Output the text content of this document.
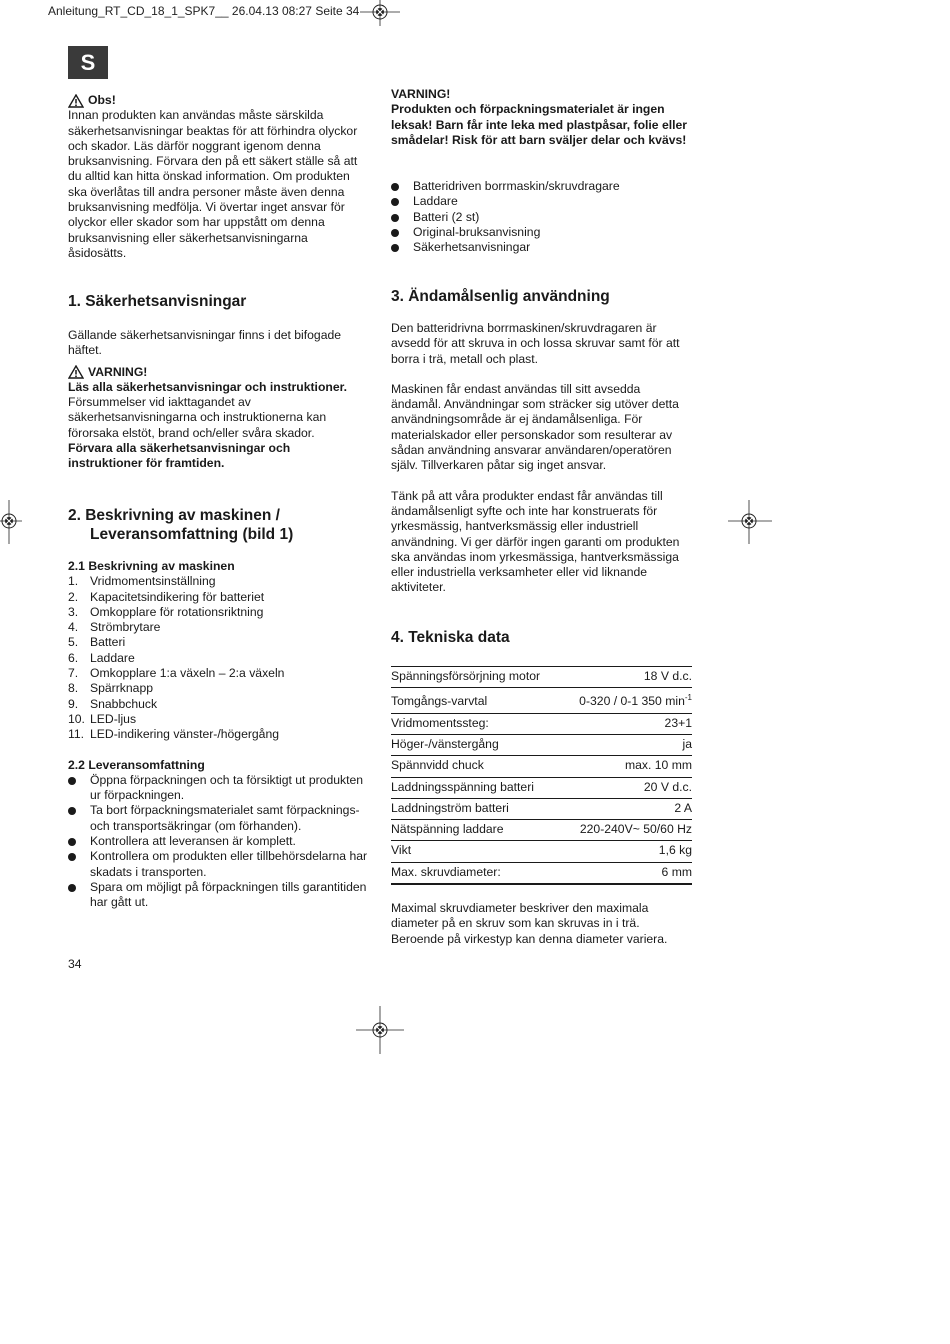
Anleitung_RT_CD_18_1_SPK7__ 26.04.13 08:27 Seite 34
S
Obs!

Innan produkten kan användas måste särskilda säkerhetsanvisningar beaktas för att förhindra olyckor och skador. Läs därför noggrant igenom denna bruksanvisning. Förvara den på ett säkert ställe så att du alltid kan hitta önskad information. Om produkten ska överlåtas till andra personer måste även denna bruksanvisning medfölja. Vi övertar inget ansvar för olyckor eller skador som har uppstått om denna bruksanvisning eller säkerhetsanvisningarna åsidosätts.

1. Säkerhetsanvisningar

Gällande säkerhetsanvisningar finns i det bifogade häftet.

VARNING!

Läs alla säkerhetsanvisningar och instruktioner.

Försummelser vid iakttagandet av säkerhetsanvisningarna och instruktionerna kan förorsaka elstöt, brand och/eller svåra skador.

Förvara alla säkerhetsanvisningar och instruktioner för framtiden.

2. Beskrivning av maskinen /
Leveransomfattning (bild 1)

2.1 Beskrivning av maskinen

1. Vridmomentsinställning
2. Kapacitetsindikering för batteriet
3. Omkopplare för rotationsriktning
4. Strömbrytare
5. Batteri
6. Laddare
7. Omkopplare 1:a växeln – 2:a växeln
8. Spärrknapp
9. Snabbchuck
10. LED-ljus
11. LED-indikering vänster-/högergång

2.2 Leveransomfattning

Öppna förpackningen och ta försiktigt ut produkten ur förpackningen.
Ta bort förpackningsmaterialet samt förpacknings- och transportsäkringar (om förhanden).
Kontrollera att leveransen är komplett.
Kontrollera om produkten eller tillbehörsdelarna har skadats i transporten.
Spara om möjligt på förpackningen tills garantitiden har gått ut.

VARNING!

Produkten och förpackningsmaterialet är ingen leksak! Barn får inte leka med plastpåsar, folie eller smådelar! Risk för att barn sväljer delar och kvävs!

Batteridriven borrmaskin/skruvdragare
Laddare
Batteri (2 st)
Original-bruksanvisning
Säkerhetsanvisningar
3. Ändamålsenlig användning

Den batteridrivna borrmaskinen/skruvdragaren är avsedd för att skruva in och lossa skruvar samt för att borra i trä, metall och plast.

Maskinen får endast användas till sitt avsedda ändamål. Användningar som sträcker sig utöver detta användningsområde är ej ändamålsenliga. För materialskador eller personskador som resulterar av sådan användning ansvarar användaren/operatören själv. Tillverkaren påtar sig inget ansvar.

Tänk på att våra produkter endast får användas till ändamålsenligt syfte och inte har konstruerats för yrkesmässig, hantverksmässig eller industriell användning. Vi ger därför ingen garanti om produkten ska användas inom yrkesmässiga, hantverksmässiga eller industriella verksamheter eller vid liknande aktiviteter.

4. Tekniska data
Spänningsförsörjning motor	18 V d.c.
Tomgångs-varvtal	0-320 / 0-1 350 $\min^{-1}$
Vridmomentssteg:	23+1
Höger-/vänstergång	ja
Spännvidd chuck	max. 10 mm
Laddningsspänning batteri	20 V d.c.
Laddningström batteri	2 A
Nätspänning laddare	220-240V~ 50/60 Hz
Vikt	1,6 kg
Max. skruvdiameter:	6 mm

Maximal skruvdiameter beskriver den maximala diameter på en skruv som kan skruvas in i trä. Beroende på virkestyp kan denna diameter variera.

34
